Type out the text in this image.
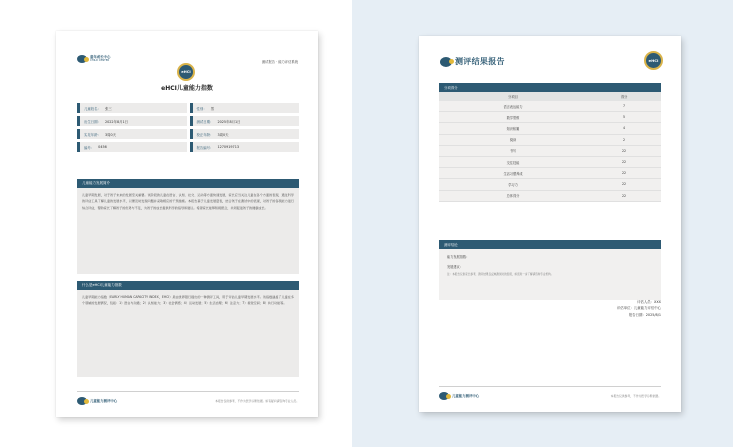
童年成长中心
CHILD CENTER	测试报告 · 能力评估系统
eHCI
eHCI儿童能力指数
儿童姓名： 张三	性别： 男
出生日期： 2022年8月1日	测试日期： 2025年8月1日
实足年龄： 3周0天	校正年龄： 3周0天
编号： 0456	报告编号： 1270919713
儿童能力发展简介
儿童早期发展，对于孩子未来的发展至关重要。该阶段的儿童在语言、认知、社交、运动等方面快速发展，家长应当关注儿童在各个方面的表现，通过科学的评估工具了解儿童的发展水平，以便及时发现问题并采取相应的干预措施。本报告基于儿童发展量表，结合孩子在测试中的表现，对孩子的各项能力进行综合评估，帮助家长了解孩子的优势与不足，为孩子的成长提供科学的指导和建议。希望家长能够积极配合，共同促进孩子的健康成长。
什么是eHCI儿童能力指数
儿童早期能力指数（EARLY HUMAN CAPACITY INDEX，EHCI）是由世界银行提出的一种测评工具，用于评估儿童早期发展水平。该指数涵盖了儿童在多个领域的发展情况，包括：1）语言与沟通；2）认知能力；3）社会情感；4）运动发展；5）生活自理；6）注意力；7）视觉空间；8）执行功能等。
儿童能力测评中心	本报告仅供参考，不作为医学诊断依据。如有疑问请咨询专业人员。
测评结果报告	eHCI
分项得分
分项目	得分
语言表达能力	7
数学思维	5
知识积累	4
阅读	2
书写	22
交往技能	22
生活习惯养成	22
学习力	22
总体得分	22
测评结论
能力发展指数：
发展建议：
注：本报告仅供家长参考，测评结果仅反映测试时的表现，如需进一步了解请咨询专业机构。
评估人员：XXX
评估单位：儿童能力评估中心
报告日期：2025/8/1
儿童能力测评中心	本报告仅供参考，不作为医学诊断依据。
